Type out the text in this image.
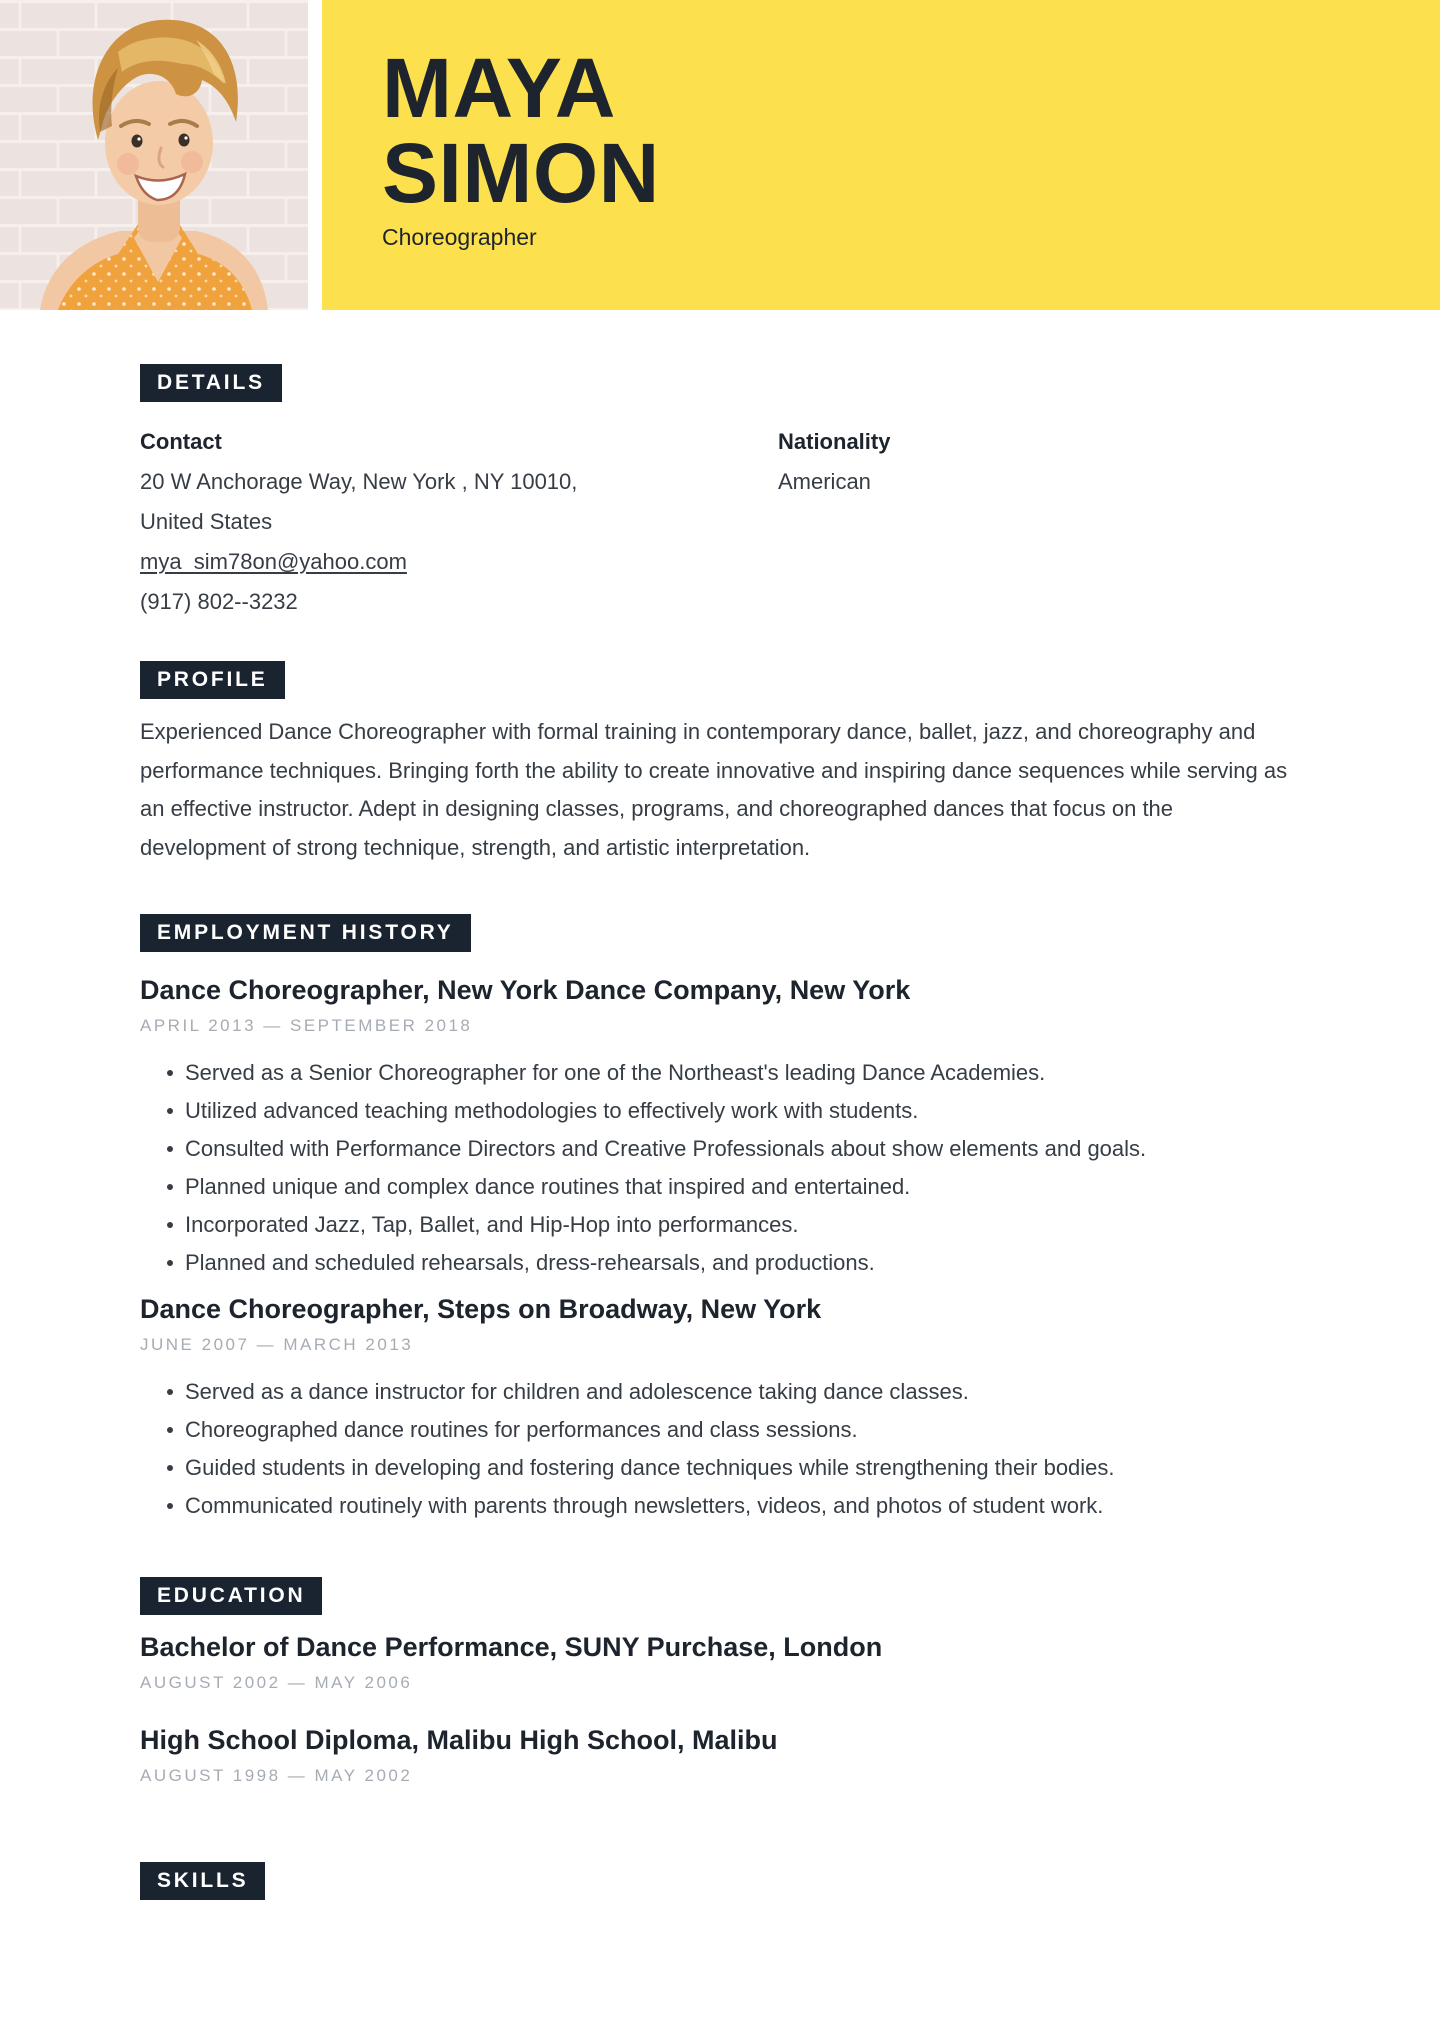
MAYA
SIMON
Choreographer
DETAILS

Contact

20 W Anchorage Way, New York , NY 10010,

United States

mya_sim78on@yahoo.com

(917) 802--3232

Nationality

American

PROFILE

Experienced Dance Choreographer with formal training in contemporary dance, ballet, jazz, and choreography and performance techniques. Bringing forth the ability to create innovative and inspiring dance sequences while serving as an effective instructor. Adept in designing classes, programs, and choreographed dances that focus on the development of strong technique, strength, and artistic interpretation.

EMPLOYMENT HISTORY
Dance Choreographer, New York Dance Company, New York
APRIL 2013 — SEPTEMBER 2018
Served as a Senior Choreographer for one of the Northeast's leading Dance Academies.
Utilized advanced teaching methodologies to effectively work with students.
Consulted with Performance Directors and Creative Professionals about show elements and goals.
Planned unique and complex dance routines that inspired and entertained.
Incorporated Jazz, Tap, Ballet, and Hip-Hop into performances.
Planned and scheduled rehearsals, dress-rehearsals, and productions.
Dance Choreographer, Steps on Broadway, New York
JUNE 2007 — MARCH 2013
Served as a dance instructor for children and adolescence taking dance classes.
Choreographed dance routines for performances and class sessions.
Guided students in developing and fostering dance techniques while strengthening their bodies.
Communicated routinely with parents through newsletters, videos, and photos of student work.
EDUCATION
Bachelor of Dance Performance, SUNY Purchase, London
AUGUST 2002 — MAY 2006
High School Diploma, Malibu High School, Malibu
AUGUST 1998 — MAY 2002
SKILLS
